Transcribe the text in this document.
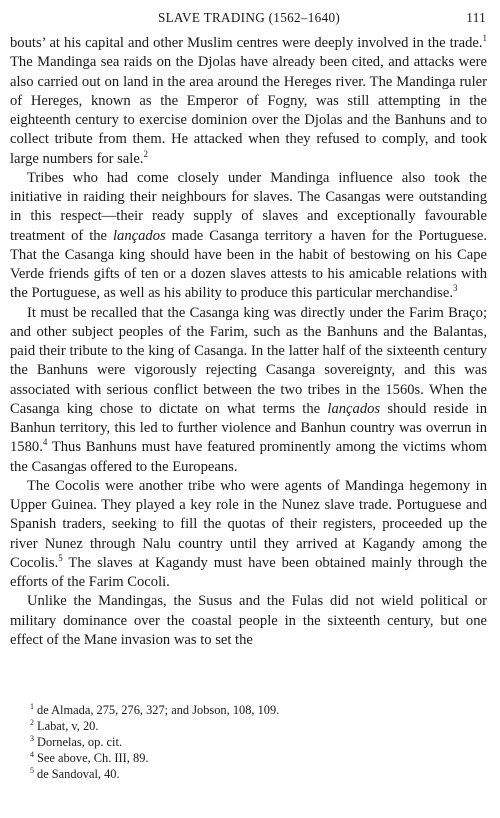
SLAVE TRADING (1562–1640)	111

bouts’ at his capital and other Muslim centres were deeply involved in the trade.$^1$ The Mandinga sea raids on the Djolas have already been cited, and attacks were also carried out on land in the area around the Hereges river. The Mandinga ruler of Hereges, known as the Emperor of Fogny, was still attempting in the eighteenth century to exercise dominion over the Djolas and the Banhuns and to collect tribute from them. He attacked when they refused to comply, and took large numbers for sale.$^2$

Tribes who had come closely under Mandinga influence also took the initiative in raiding their neighbours for slaves. The Casangas were outstanding in this respect—their ready supply of slaves and exceptionally favourable treatment of the lançados made Casanga territory a haven for the Portuguese. That the Casanga king should have been in the habit of bestowing on his Cape Verde friends gifts of ten or a dozen slaves attests to his amicable relations with the Portuguese, as well as his ability to produce this particular merchandise.$^3$

It must be recalled that the Casanga king was directly under the Farim Braço; and other subject peoples of the Farim, such as the Banhuns and the Balantas, paid their tribute to the king of Casanga. In the latter half of the sixteenth century the Banhuns were vigorously rejecting Casanga sovereignty, and this was associated with serious conflict between the two tribes in the 1560s. When the Casanga king chose to dictate on what terms the lançados should reside in Banhun territory, this led to further violence and Banhun country was overrun in 1580.$^4$ Thus Banhuns must have featured prominently among the victims whom the Casangas offered to the Europeans.

The Cocolis were another tribe who were agents of Mandinga hegemony in Upper Guinea. They played a key role in the Nunez slave trade. Portuguese and Spanish traders, seeking to fill the quotas of their registers, proceeded up the river Nunez through Nalu country until they arrived at Kagandy among the Cocolis.$^5$ The slaves at Kagandy must have been obtained mainly through the efforts of the Farim Cocoli.

Unlike the Mandingas, the Susus and the Fulas did not wield political or military dominance over the coastal people in the sixteenth century, but one effect of the Mane invasion was to set the

$^1$ de Almada, 275, 276, 327; and Jobson, 108, 109.
$^2$ Labat, v, 20.
$^3$ Dornelas, op. cit.
$^4$ See above, Ch. III, 89.
$^5$ de Sandoval, 40.
